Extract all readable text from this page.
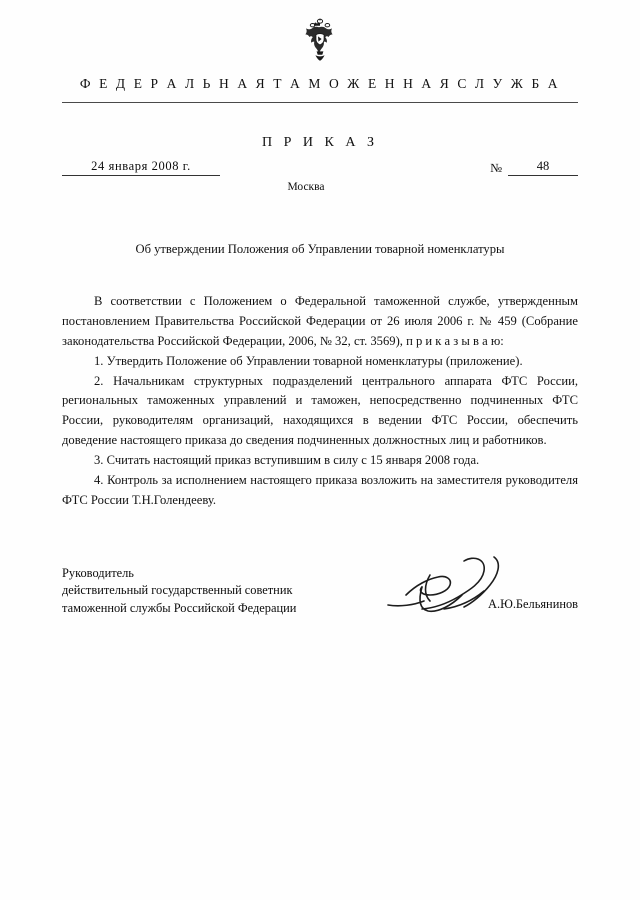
Ф Е Д Е Р А Л Ь Н А Я Т А М О Ж Е Н Н А Я С Л У Ж Б А
П Р И К А З
24 января 2008 г.	№	48
Москва
Об утверждении Положения об Управлении товарной номенклатуры

В соответствии с Положением о Федеральной таможенной службе, утвержденным постановлением Правительства Российской Федерации от 26 июля 2006 г. № 459 (Собрание законодательства Российской Федерации, 2006, № 32, ст. 3569), п р и к а з ы в а ю:

1. Утвердить Положение об Управлении товарной номенклатуры (приложение).

2. Начальникам структурных подразделений центрального аппарата ФТС России, региональных таможенных управлений и таможен, непосредственно подчиненных ФТС России, руководителям организаций, находящихся в ведении ФТС России, обеспечить доведение настоящего приказа до сведения подчиненных должностных лиц и работников.

3. Считать настоящий приказ вступившим в силу с 15 января 2008 года.

4. Контроль за исполнением настоящего приказа возложить на заместителя руководителя ФТС России Т.Н.Голендееву.

Руководитель
действительный государственный советник
таможенной службы Российской Федерации	А.Ю.Бельянинов
